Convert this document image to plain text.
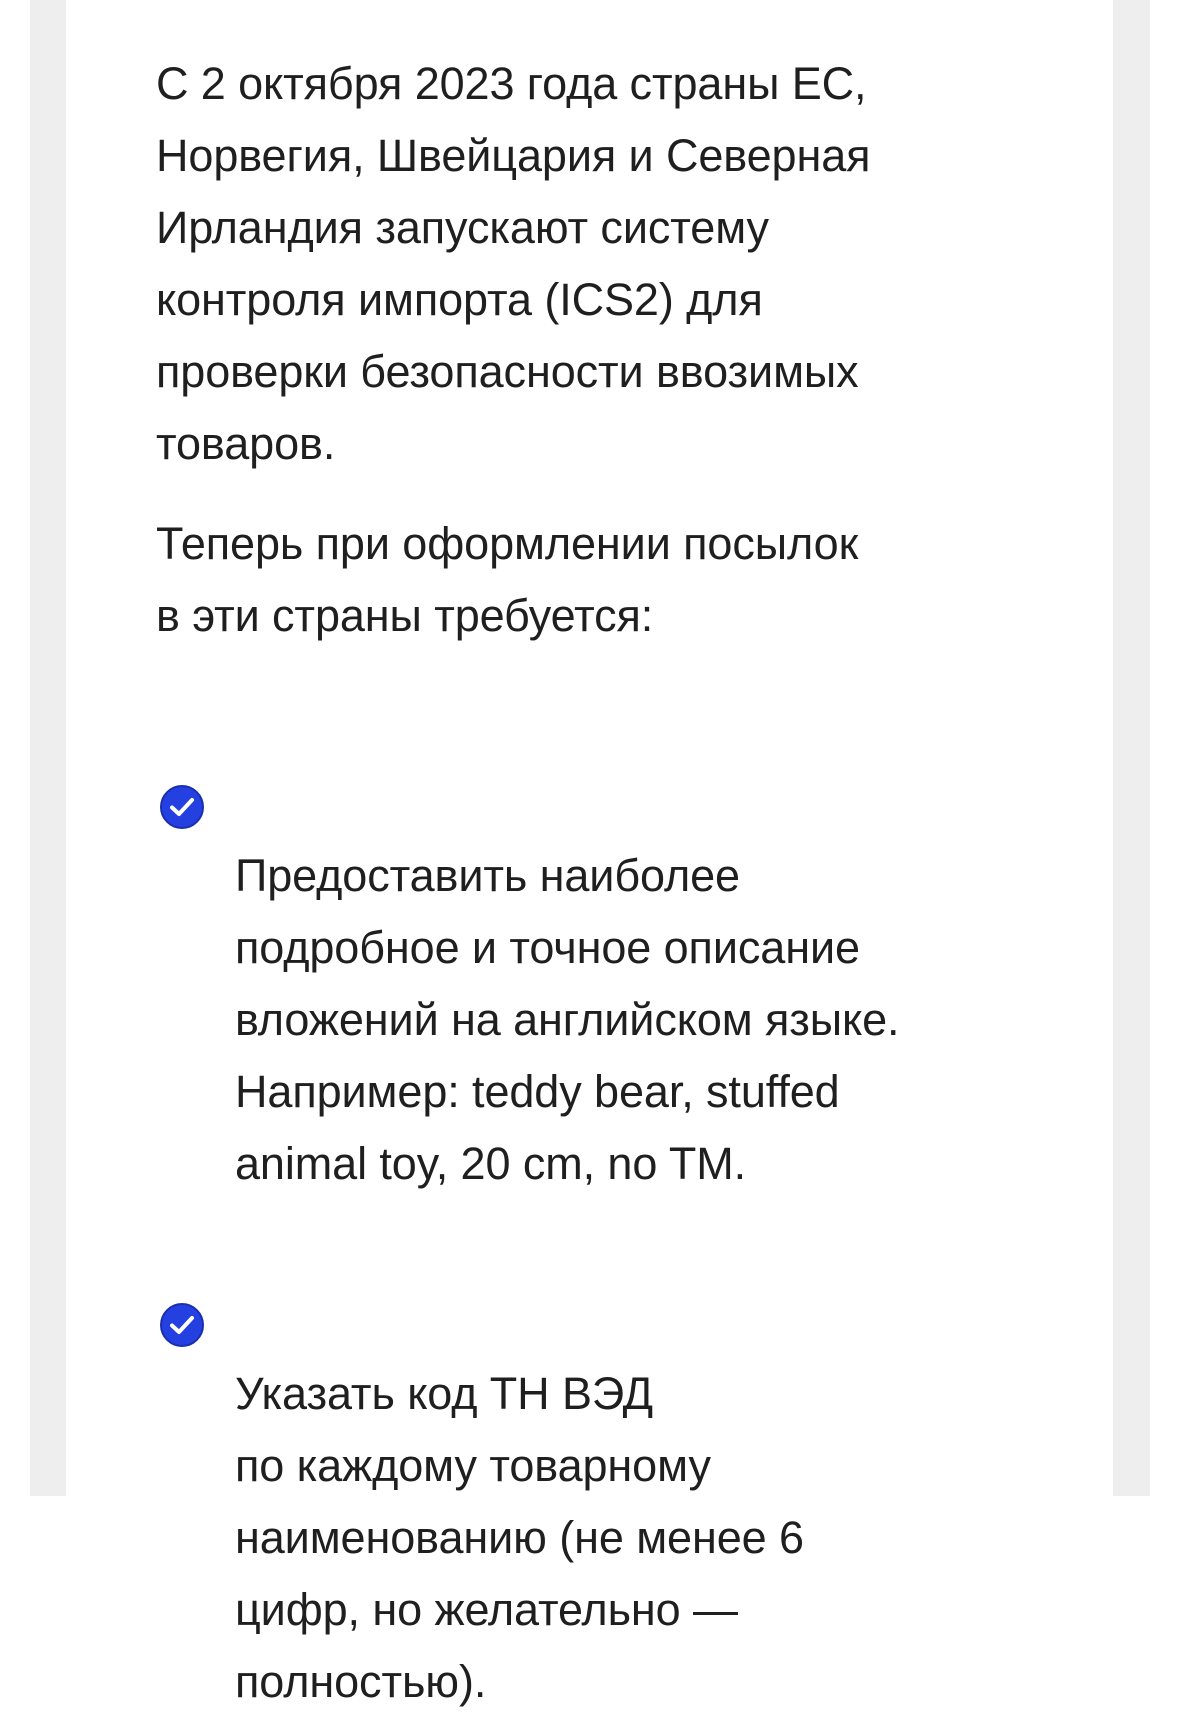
С 2 октября 2023 года страны ЕС,
Норвегия, Швейцария и Северная
Ирландия запускают систему
контроля импорта (ICS2) для
проверки безопасности ввозимых
товаров.

Теперь при оформлении посылок
в эти страны требуется:

Предоставить наиболее
подробное и точное описание
вложений на английском языке.
Например: teddy bear, stuffed
animal toy, 20 cm, no TM.

Указать код ТН ВЭД
по каждому товарному
наименованию (не менее 6
цифр, но желательно —
полностью).
